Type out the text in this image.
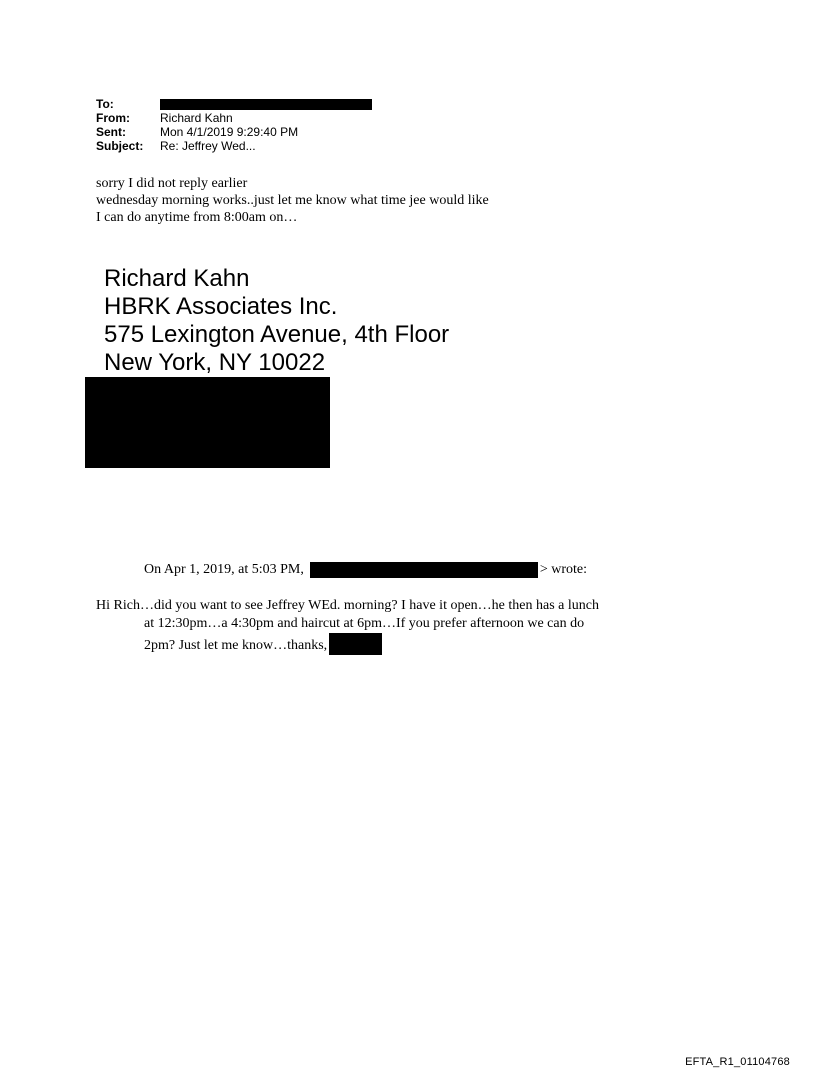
To:
From:	Richard Kahn
Sent:	Mon 4/1/2019 9:29:40 PM
Subject:	Re: Jeffrey Wed...
sorry I did not reply earlier
wednesday morning works..just let me know what time jee would like
I can do anytime from 8:00am on…
Richard Kahn
HBRK Associates Inc.
575 Lexington Avenue, 4th Floor
New York, NY 10022
On Apr 1, 2019, at 5:03 PM,	> wrote:
Hi Rich…did you want to see Jeffrey WEd. morning? I have it open…he then has a lunch
at 12:30pm…a 4:30pm and haircut at 6pm…If you prefer afternoon we can do
2pm? Just let me know…thanks,
EFTA_R1_01104768
